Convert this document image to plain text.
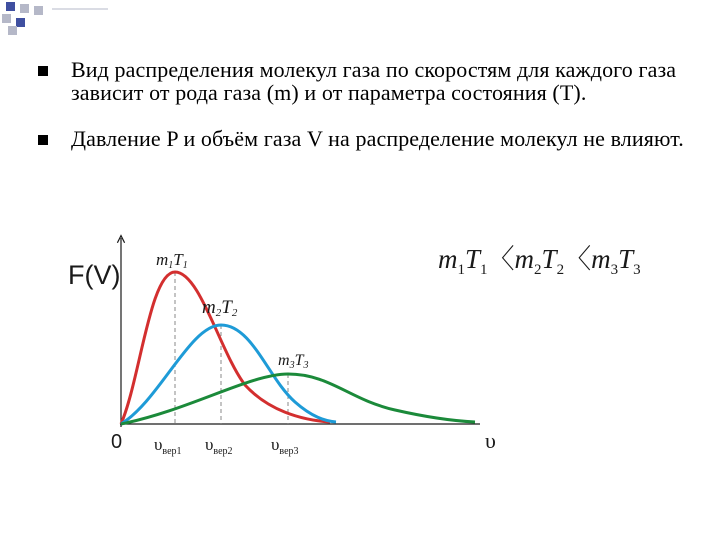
Вид распределения молекул газа по скоростям для каждого газа зависит от рода газа (m) и от параметра состояния (Т).
Давление P и объём газа V на распределение молекул не влияют.
F(V)
0	υ
m1T1
m2T2
m3T3
$\upsilon_{вер1}$ $\upsilon_{вер2}$ $\upsilon_{вер3}$
$m_1T_1$〈$m_2T_2$〈$m_3T_3$
